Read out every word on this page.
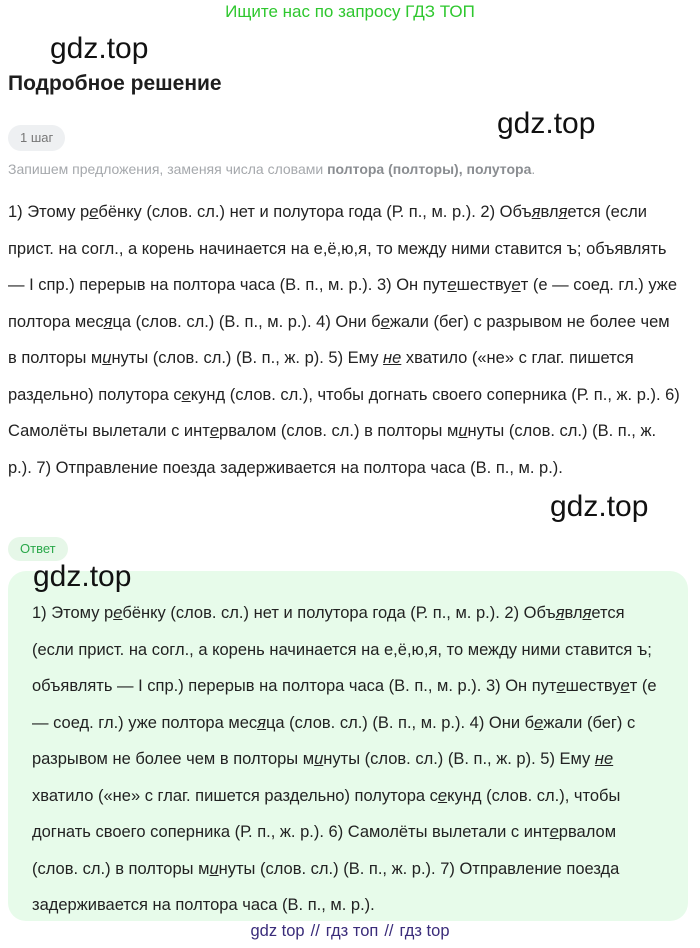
Ищите нас по запросу ГДЗ ТОП
gdz.top
gdz.top
gdz.top
Подробное решение
1 шаг
Запишем предложения, заменяя числа словами полтора (полторы), полутора.
1) Этому ребёнку (слов. сл.) нет и полутора года (Р. п., м. р.). 2) Объявляется (если прист. на согл., а корень начинается на е,ё,ю,я, то между ними ставится ъ; объявлять — I спр.) перерыв на полтора часа (В. п., м. р.). 3) Он путешествует (е — соед. гл.) уже полтора месяца (слов. сл.) (В. п., м. р.). 4) Они бежали (бег) с разрывом не более чем в полторы минуты (слов. сл.) (В. п., ж. р). 5) Ему не хватило («не» с глаг. пишется раздельно) полутора секунд (слов. сл.), чтобы догнать своего соперника (Р. п., ж. р.). 6) Самолёты вылетали с интервалом (слов. сл.) в полторы минуты (слов. сл.) (В. п., ж. р.). 7) Отправление поезда задерживается на полтора часа (В. п., м. р.).
Ответ
1) Этому ребёнку (слов. сл.) нет и полутора года (Р. п., м. р.). 2) Объявляется (если прист. на согл., а корень начинается на е,ё,ю,я, то между ними ставится ъ; объявлять — I спр.) перерыв на полтора часа (В. п., м. р.). 3) Он путешествует (е — соед. гл.) уже полтора месяца (слов. сл.) (В. п., м. р.). 4) Они бежали (бег) с разрывом не более чем в полторы минуты (слов. сл.) (В. п., ж. р). 5) Ему не хватило («не» с глаг. пишется раздельно) полутора секунд (слов. сл.), чтобы догнать своего соперника (Р. п., ж. р.). 6) Самолёты вылетали с интервалом (слов. сл.) в полторы минуты (слов. сл.) (В. п., ж. р.). 7) Отправление поезда задерживается на полтора часа (В. п., м. р.).
gdz.top
gdz top // гдз топ // гдз top
